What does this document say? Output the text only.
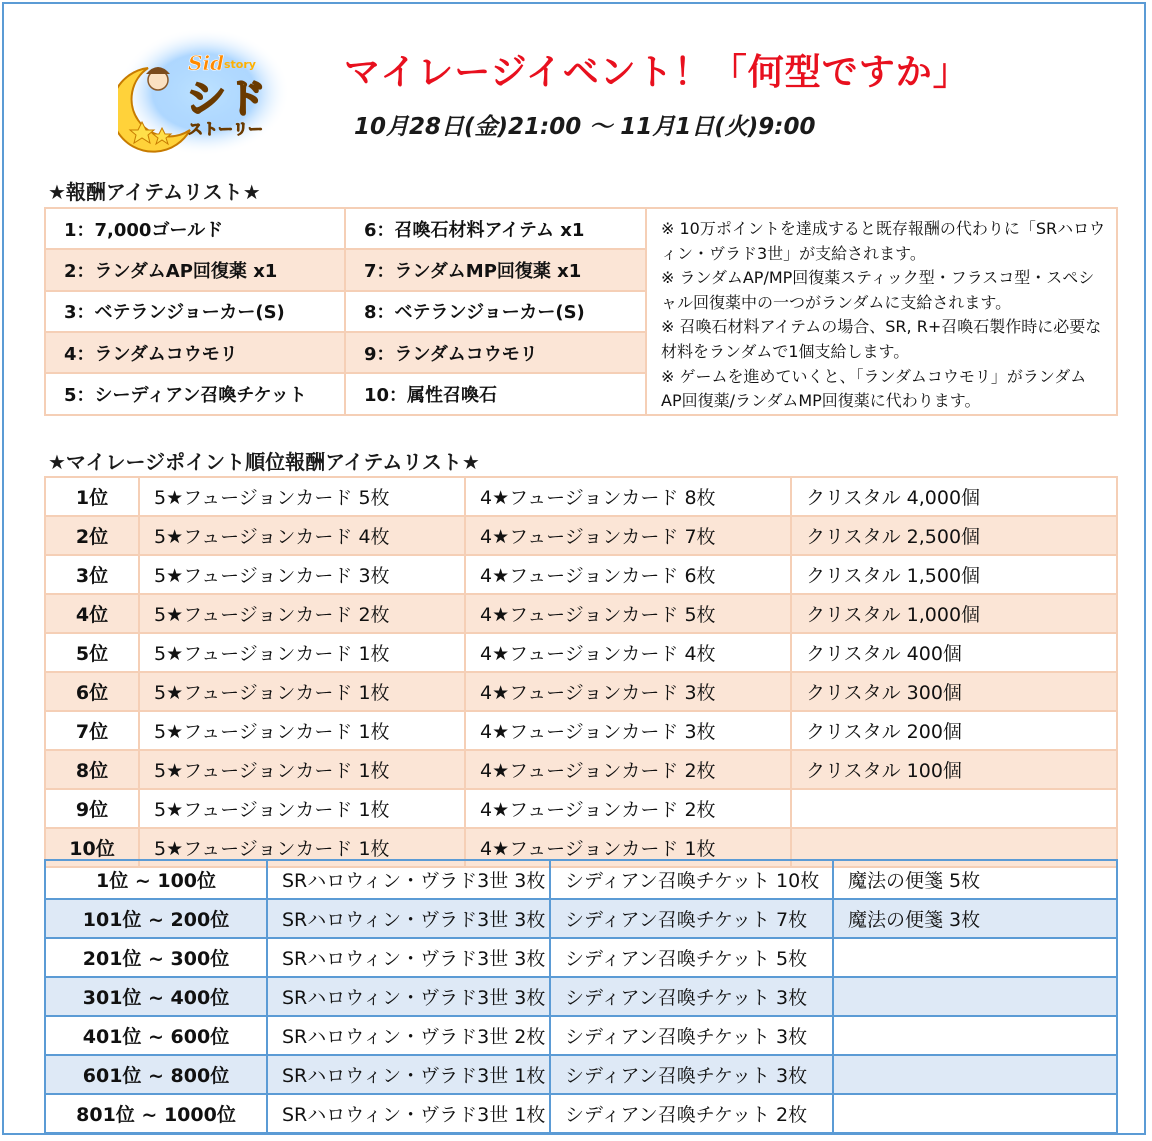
Sid story
シド
ストーリー
マイレージイベント！「何型ですか」
10月28日(金)21:00 〜 11月1日(火)9:00
★報酬アイテムリスト★
1：7,000ゴールド	6：召喚石材料アイテム x1	※ 10万ポイントを達成すると既存報酬の代わりに「SRハロウィン・ヴラド3世」が支給されます。
※ ランダムAP/MP回復薬スティック型・フラスコ型・スペシャル回復薬中の一つがランダムに支給されます。
※ 召喚石材料アイテムの場合、SR, R+召喚石製作時に必要な材料をランダムで1個支給します。
※ ゲームを進めていくと、「ランダムコウモリ」がランダムAP回復薬/ランダムMP回復薬に代わります。

2：ランダムAP回復薬 x1	7：ランダムMP回復薬 x1	
3：ベテランジョーカー(S)	8：ベテランジョーカー(S)	
4：ランダムコウモリ	9：ランダムコウモリ	
5：シーディアン召喚チケット	10：属性召喚石	
★マイレージポイント順位報酬アイテムリスト★
1位	5★フュージョンカード 5枚	4★フュージョンカード 8枚	クリスタル 4,000個
2位	5★フュージョンカード 4枚	4★フュージョンカード 7枚	クリスタル 2,500個
3位	5★フュージョンカード 3枚	4★フュージョンカード 6枚	クリスタル 1,500個
4位	5★フュージョンカード 2枚	4★フュージョンカード 5枚	クリスタル 1,000個
5位	5★フュージョンカード 1枚	4★フュージョンカード 4枚	クリスタル 400個
6位	5★フュージョンカード 1枚	4★フュージョンカード 3枚	クリスタル 300個
7位	5★フュージョンカード 1枚	4★フュージョンカード 3枚	クリスタル 200個
8位	5★フュージョンカード 1枚	4★フュージョンカード 2枚	クリスタル 100個
9位	5★フュージョンカード 1枚	4★フュージョンカード 2枚	
10位	5★フュージョンカード 1枚	4★フュージョンカード 1枚	
1位 ~ 100位	SRハロウィン・ヴラド3世 3枚	シディアン召喚チケット 10枚	魔法の便箋 5枚
101位 ~ 200位	SRハロウィン・ヴラド3世 3枚	シディアン召喚チケット 7枚	魔法の便箋 3枚
201位 ~ 300位	SRハロウィン・ヴラド3世 3枚	シディアン召喚チケット 5枚	
301位 ~ 400位	SRハロウィン・ヴラド3世 3枚	シディアン召喚チケット 3枚	
401位 ~ 600位	SRハロウィン・ヴラド3世 2枚	シディアン召喚チケット 3枚	
601位 ~ 800位	SRハロウィン・ヴラド3世 1枚	シディアン召喚チケット 3枚	
801位 ~ 1000位	SRハロウィン・ヴラド3世 1枚	シディアン召喚チケット 2枚	
